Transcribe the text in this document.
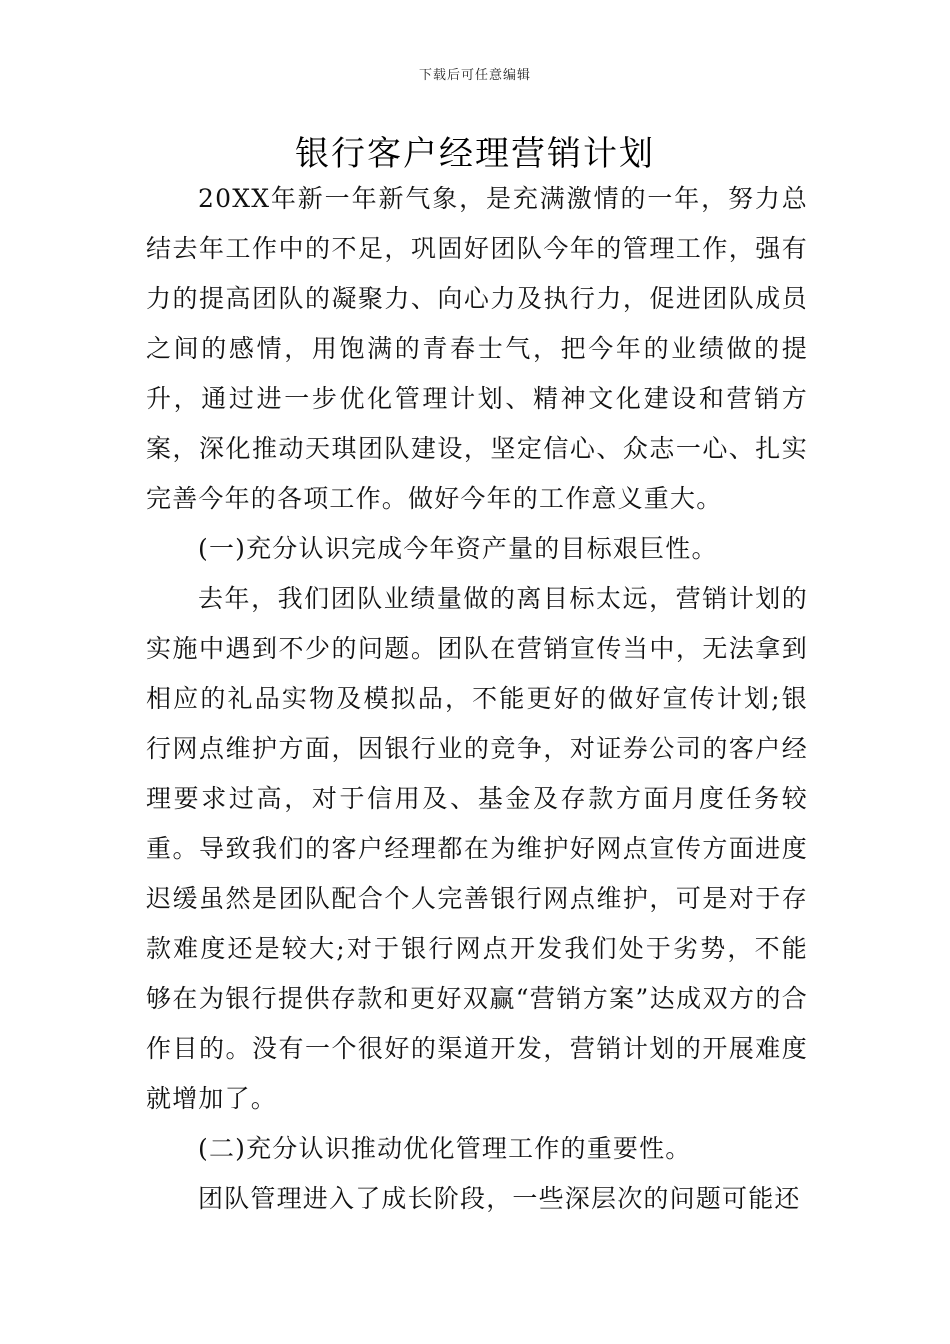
下载后可任意编辑
银行客户经理营销计划

20XX年新一年新气象，是充满激情的一年，努力总结去年工作中的不足，巩固好团队今年的管理工作，强有力的提高团队的凝聚力、向心力及执行力，促进团队成员之间的感情，用饱满的青春士气，把今年的业绩做的提升，通过进一步优化管理计划、精神文化建设和营销方案，深化推动天琪团队建设，坚定信心、众志一心、扎实完善今年的各项工作。做好今年的工作意义重大。

(一)充分认识完成今年资产量的目标艰巨性。

去年，我们团队业绩量做的离目标太远，营销计划的实施中遇到不少的问题。团队在营销宣传当中，无法拿到相应的礼品实物及模拟品，不能更好的做好宣传计划;银行网点维护方面，因银行业的竞争，对证券公司的客户经理要求过高，对于信用及、基金及存款方面月度任务较重。导致我们的客户经理都在为维护好网点宣传方面进度迟缓虽然是团队配合个人完善银行网点维护，可是对于存款难度还是较大;对于银行网点开发我们处于劣势，不能够在为银行提供存款和更好双赢“营销方案”达成双方的合作目的。没有一个很好的渠道开发，营销计划的开展难度就增加了。

(二)充分认识推动优化管理工作的重要性。

团队管理进入了成长阶段，一些深层次的问题可能还
